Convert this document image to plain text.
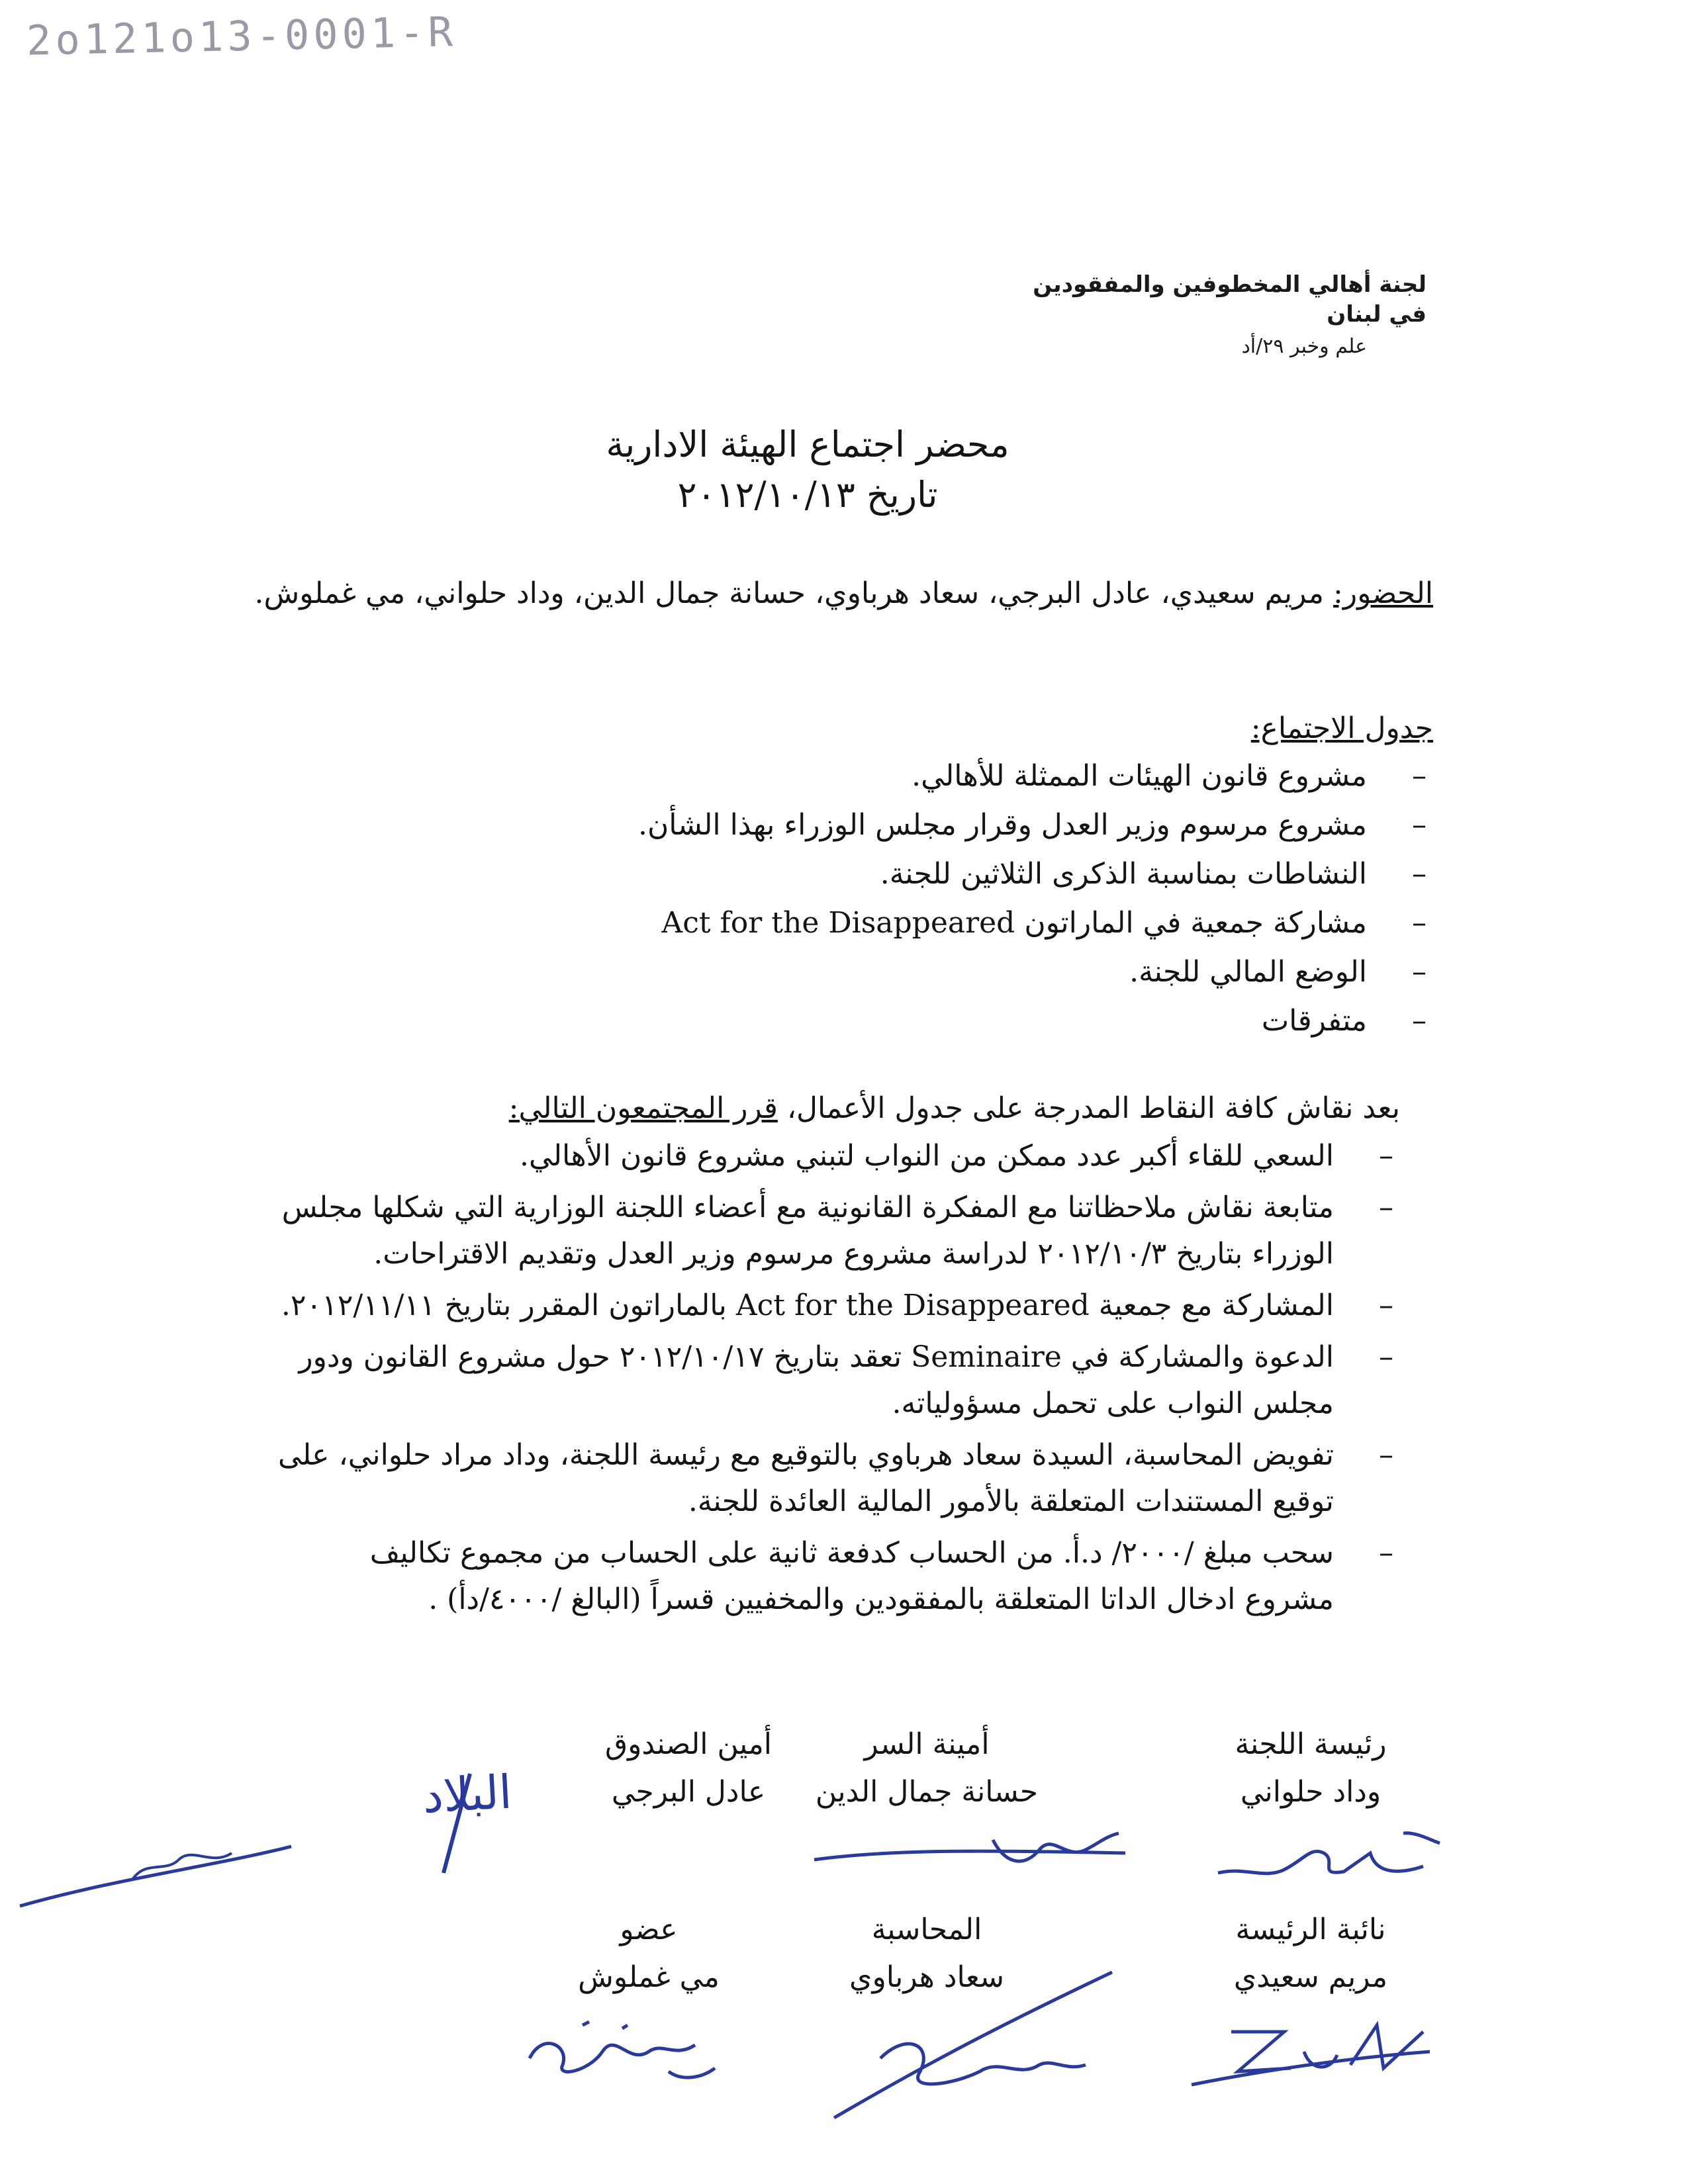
2o121o13-0001-R
لجنة أهالي المخطوفين والمفقودين
في لبنان
علم وخبر ٢٩/أد
محضر اجتماع الهيئة الادارية
تاريخ ٢٠١٢/١٠/١٣
الحضور: مريم سعيدي، عادل البرجي، سعاد هرباوي، حسانة جمال الدين، وداد حلواني، مي غملوش.
جدول الاجتماع:
– مشروع قانون الهيئات الممثلة للأهالي.
– مشروع مرسوم وزير العدل وقرار مجلس الوزراء بهذا الشأن.
– النشاطات بمناسبة الذكرى الثلاثين للجنة.
– مشاركة جمعية في الماراتون Act for the Disappeared
– الوضع المالي للجنة.
– متفرقات
بعد نقاش كافة النقاط المدرجة على جدول الأعمال، قرر المجتمعون التالي:
– السعي للقاء أكبر عدد ممكن من النواب لتبني مشروع قانون الأهالي.
– متابعة نقاش ملاحظاتنا مع المفكرة القانونية مع أعضاء اللجنة الوزارية التي شكلها مجلس الوزراء بتاريخ ٢٠١٢/١٠/٣ لدراسة مشروع مرسوم وزير العدل وتقديم الاقتراحات.
– المشاركة مع جمعية Act for the Disappeared بالماراتون المقرر بتاريخ ٢٠١٢/١١/١١.
– الدعوة والمشاركة في Seminaire تعقد بتاريخ ٢٠١٢/١٠/١٧ حول مشروع القانون ودور مجلس النواب على تحمل مسؤولياته.
– تفويض المحاسبة، السيدة سعاد هرباوي بالتوقيع مع رئيسة اللجنة، وداد مراد حلواني، على توقيع المستندات المتعلقة بالأمور المالية العائدة للجنة.
– سحب مبلغ /٢٠٠٠/ د.أ. من الحساب كدفعة ثانية على الحساب من مجموع تكاليف مشروع ادخال الداتا المتعلقة بالمفقودين والمخفيين قسراً (البالغ /٤٠٠٠/دأ) .
رئيسة اللجنة
وداد حلواني
أمينة السر
حسانة جمال الدين
أمين الصندوق
عادل البرجي
البلاد
نائبة الرئيسة
مريم سعيدي
المحاسبة
سعاد هرباوي
عضو
مي غملوش
